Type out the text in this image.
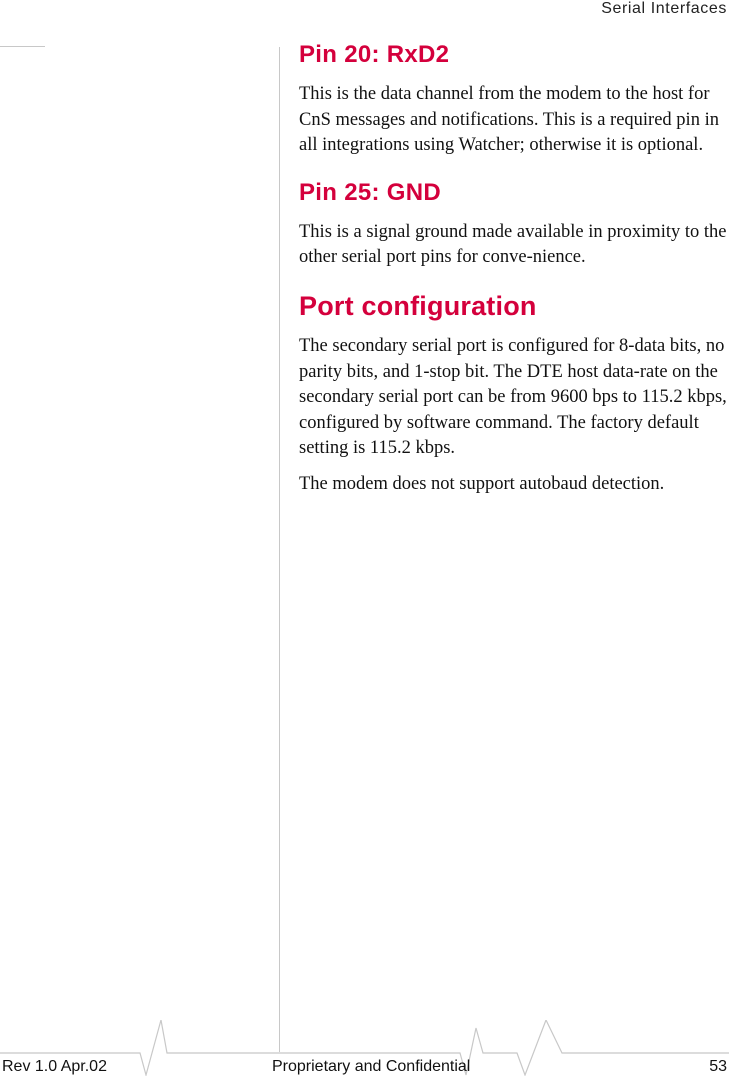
Serial Interfaces
Pin 20: RxD2

This is the data channel from the modem to the host for CnS messages and notifications. This is a required pin in all integrations using Watcher; otherwise it is optional.

Pin 25: GND

This is a signal ground made available in proximity to the other serial port pins for conve-nience.

Port configuration

The secondary serial port is configured for 8-data bits, no parity bits, and 1-stop bit. The DTE host data-rate on the secondary serial port can be from 9600 bps to 115.2 kbps, configured by software command. The factory default setting is 115.2 kbps.

The modem does not support autobaud detection.

Rev 1.0 Apr.02	Proprietary and Confidential	53
